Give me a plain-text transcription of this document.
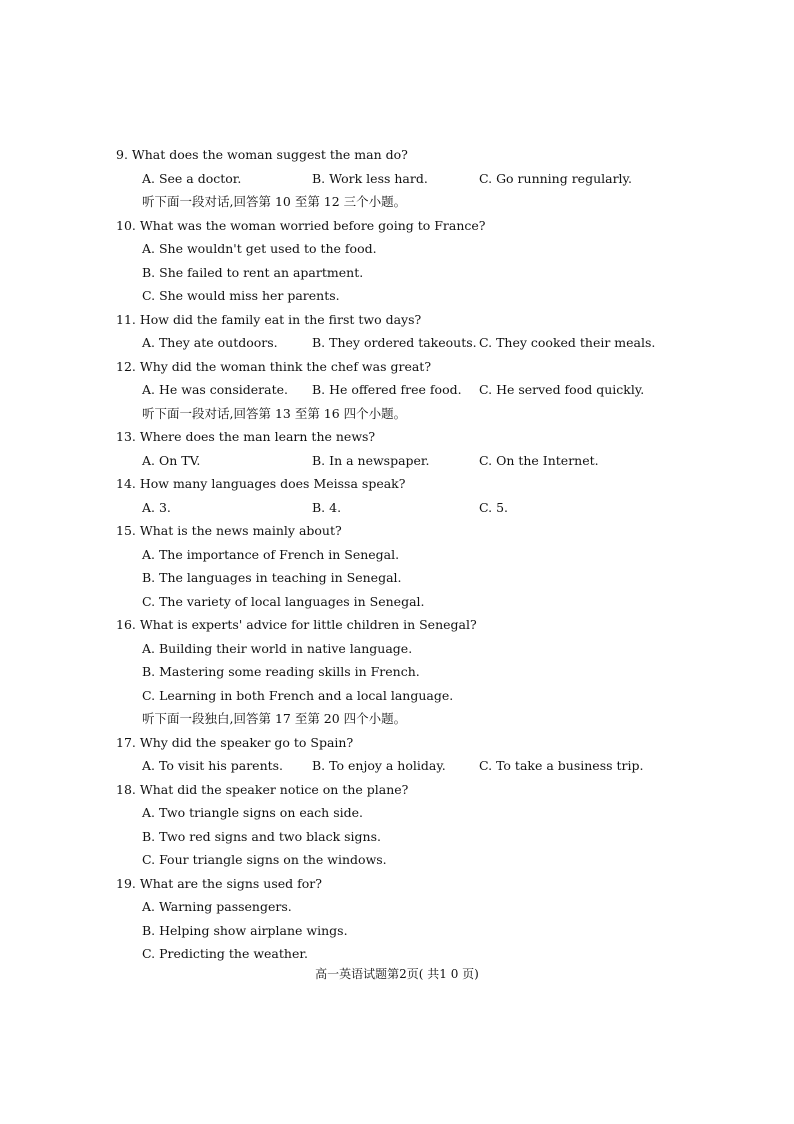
9. What does the woman suggest the man do?
A. See a doctor.	B. Work less hard.	C. Go running regularly.
听下面一段对话,回答第 10 至第 12 三个小题。
10. What was the woman worried before going to France?
A. She wouldn't get used to the food.
B. She failed to rent an apartment.
C. She would miss her parents.
11. How did the family eat in the first two days?
A. They ate outdoors.	B. They ordered takeouts. C. They cooked their meals.
12. Why did the woman think the chef was great?
A. He was considerate. B. He offered free food. C. He served food quickly.
听下面一段对话,回答第 13 至第 16 四个小题。
13. Where does the man learn the news?
A. On TV.	B. In a newspaper.	C. On the Internet.
14. How many languages does Meissa speak?
A. 3.	B. 4.	C. 5.
15. What is the news mainly about?
A. The importance of French in Senegal.
B. The languages in teaching in Senegal.
C. The variety of local languages in Senegal.
16. What is experts' advice for little children in Senegal?
A. Building their world in native language.
B. Mastering some reading skills in French.
C. Learning in both French and a local language.
听下面一段独白,回答第 17 至第 20 四个小题。
17. Why did the speaker go to Spain?
A. To visit his parents. B. To enjoy a holiday.	C. To take a business trip.
18. What did the speaker notice on the plane?
A. Two triangle signs on each side.
B. Two red signs and two black signs.
C. Four triangle signs on the windows.
19. What are the signs used for?
A. Warning passengers.
B. Helping show airplane wings.
C. Predicting the weather.
高一英语试题第2页( 共1 0 页)
